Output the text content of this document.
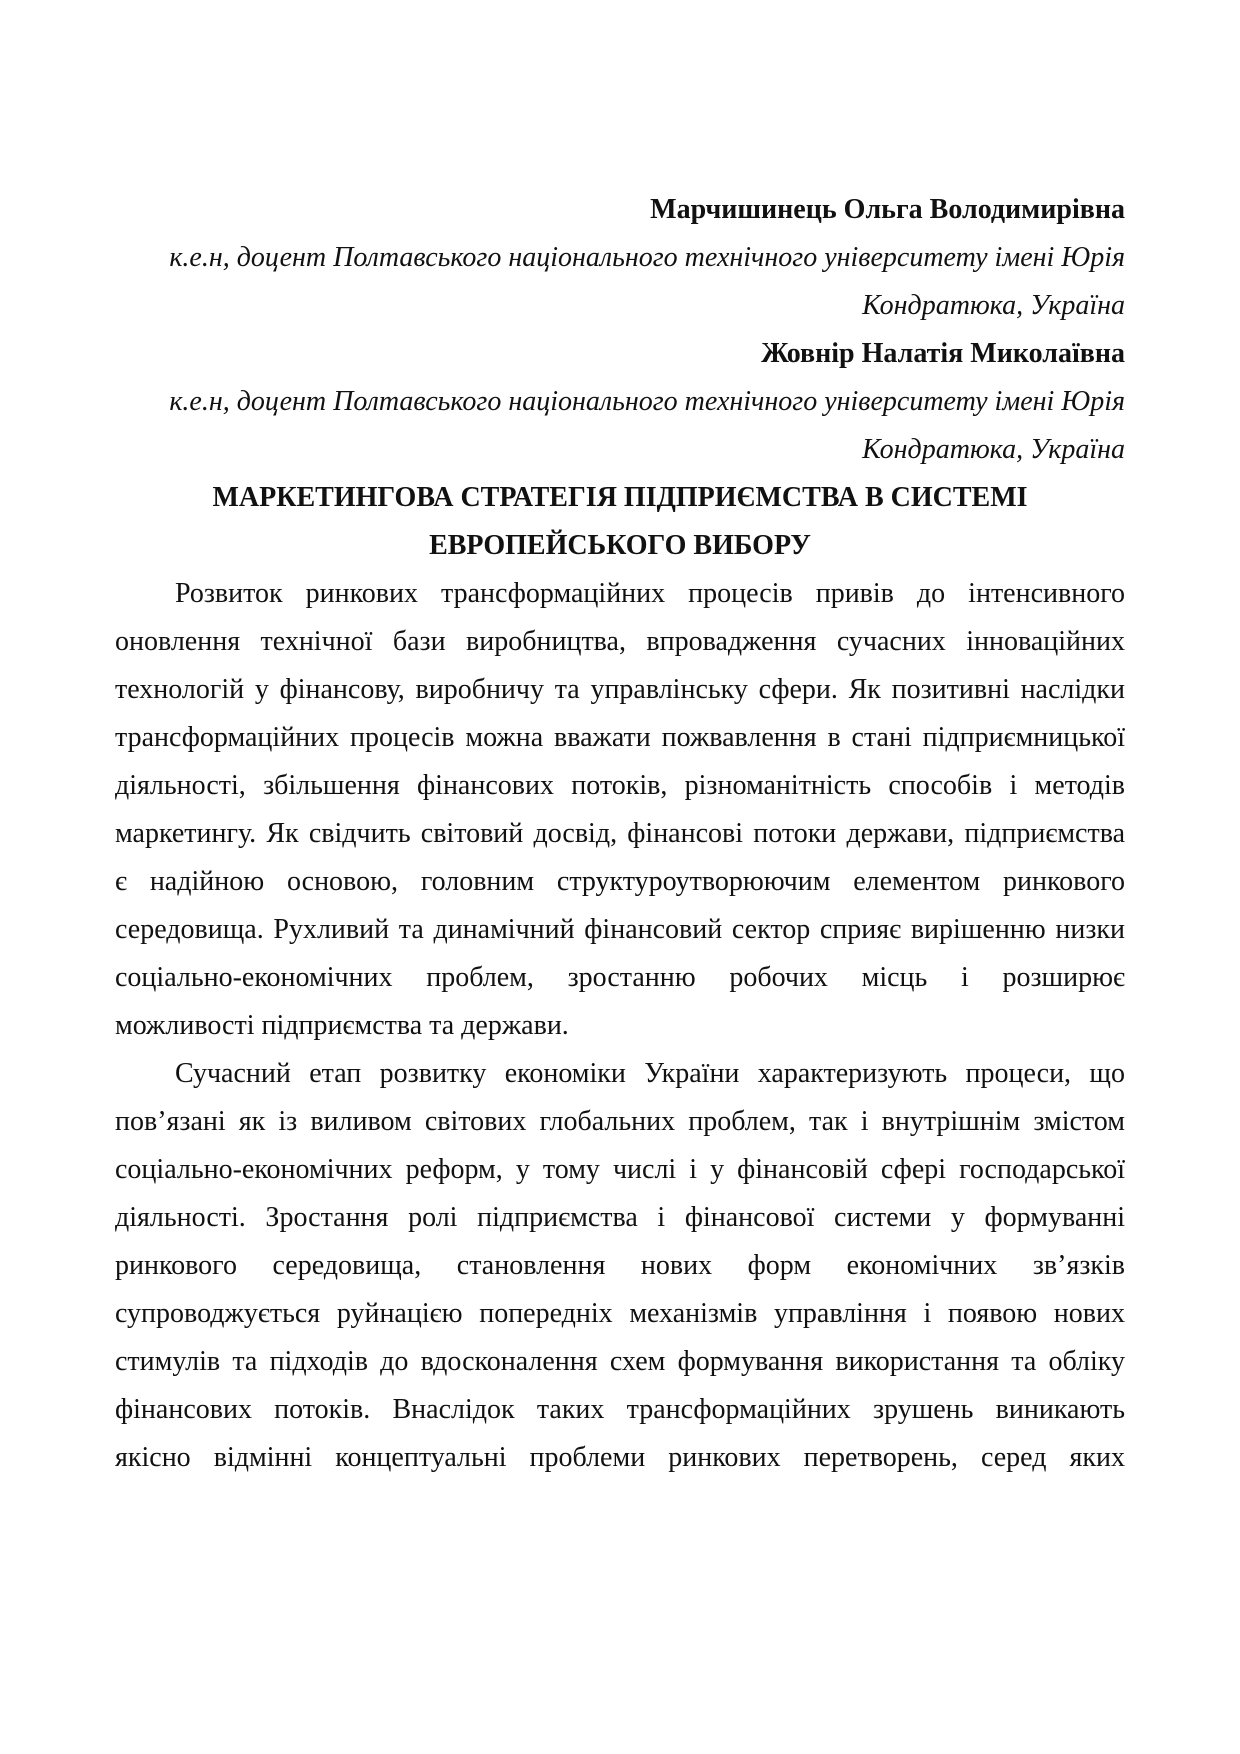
Марчишинець Ольга Володимирівна

к.е.н, доцент Полтавського національного технічного університету імені Юрія

Кондратюка, Україна

Жовнір Налатія Миколаївна

к.е.н, доцент Полтавського національного технічного університету імені Юрія

Кондратюка, Україна

МАРКЕТИНГОВА СТРАТЕГІЯ ПІДПРИЄМСТВА В СИСТЕМІ

ЕВРОПЕЙСЬКОГО ВИБОРУ

Розвиток ринкових трансформаційних процесів привів до інтенсивного

оновлення технічної бази виробництва, впровадження сучасних інноваційних

технологій у фінансову, виробничу та управлінську сфери. Як позитивні наслідки

трансформаційних процесів можна вважати пожвавлення в стані підприємницької

діяльності, збільшення фінансових потоків, різноманітність способів і методів

маркетингу. Як свідчить світовий досвід, фінансові потоки держави, підприємства

є надійною основою, головним структуроутворюючим елементом ринкового

середовища. Рухливий та динамічний фінансовий сектор сприяє вирішенню низки

соціально-економічних проблем, зростанню робочих місць і розширює

можливості підприємства та держави.

Сучасний етап розвитку економіки України характеризують процеси, що

пов’язані як із виливом світових глобальних проблем, так і внутрішнім змістом

соціально-економічних реформ, у тому числі і у фінансовій сфері господарської

діяльності. Зростання ролі підприємства і фінансової системи у формуванні

ринкового середовища, становлення нових форм економічних зв’язків

супроводжується руйнацією попередніх механізмів управління і появою нових

стимулів та підходів до вдосконалення схем формування використання та обліку

фінансових потоків. Внаслідок таких трансформаційних зрушень виникають

якісно відмінні концептуальні проблеми ринкових перетворень, серед яких
